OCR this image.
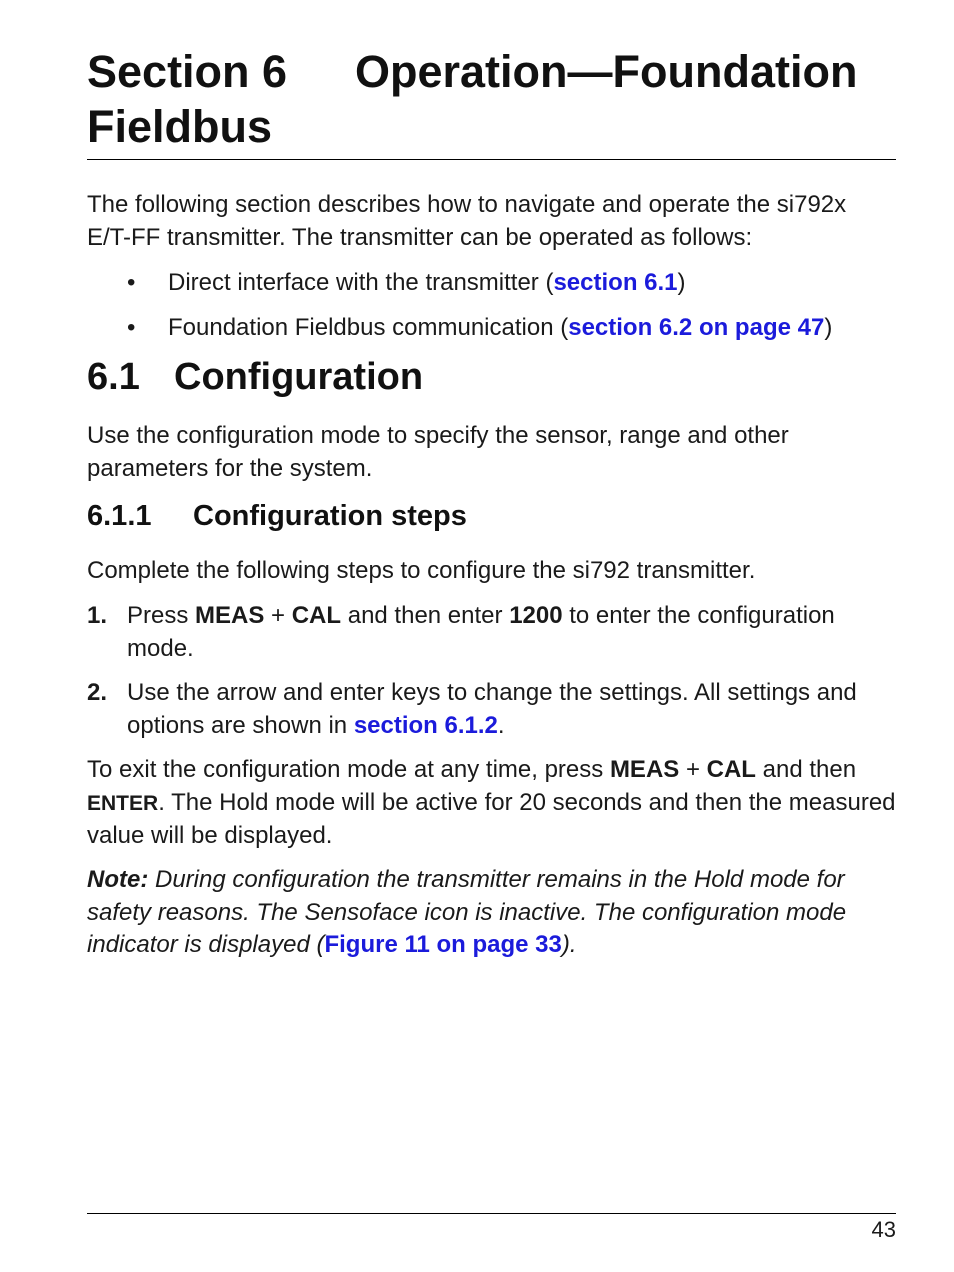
Section 6 Operation—Foundation
Fieldbus

The following section describes how to navigate and operate the si792x E/T-FF transmitter. The transmitter can be operated as follows:

• Direct interface with the transmitter (section 6.1)
• Foundation Fieldbus communication (section 6.2 on page 47)
6.1 Configuration

Use the configuration mode to specify the sensor, range and other parameters for the system.

6.1.1 Configuration steps

Complete the following steps to configure the si792 transmitter.

1. Press MEAS + CAL and then enter 1200 to enter the configuration mode.
2. Use the arrow and enter keys to change the settings. All settings and options are shown in section 6.1.2.

To exit the configuration mode at any time, press MEAS + CAL and then ENTER. The Hold mode will be active for 20 seconds and then the measured value will be displayed.

Note: During configuration the transmitter remains in the Hold mode for safety reasons. The Sensoface icon is inactive. The configuration mode indicator is displayed (Figure 11 on page 33).

43
